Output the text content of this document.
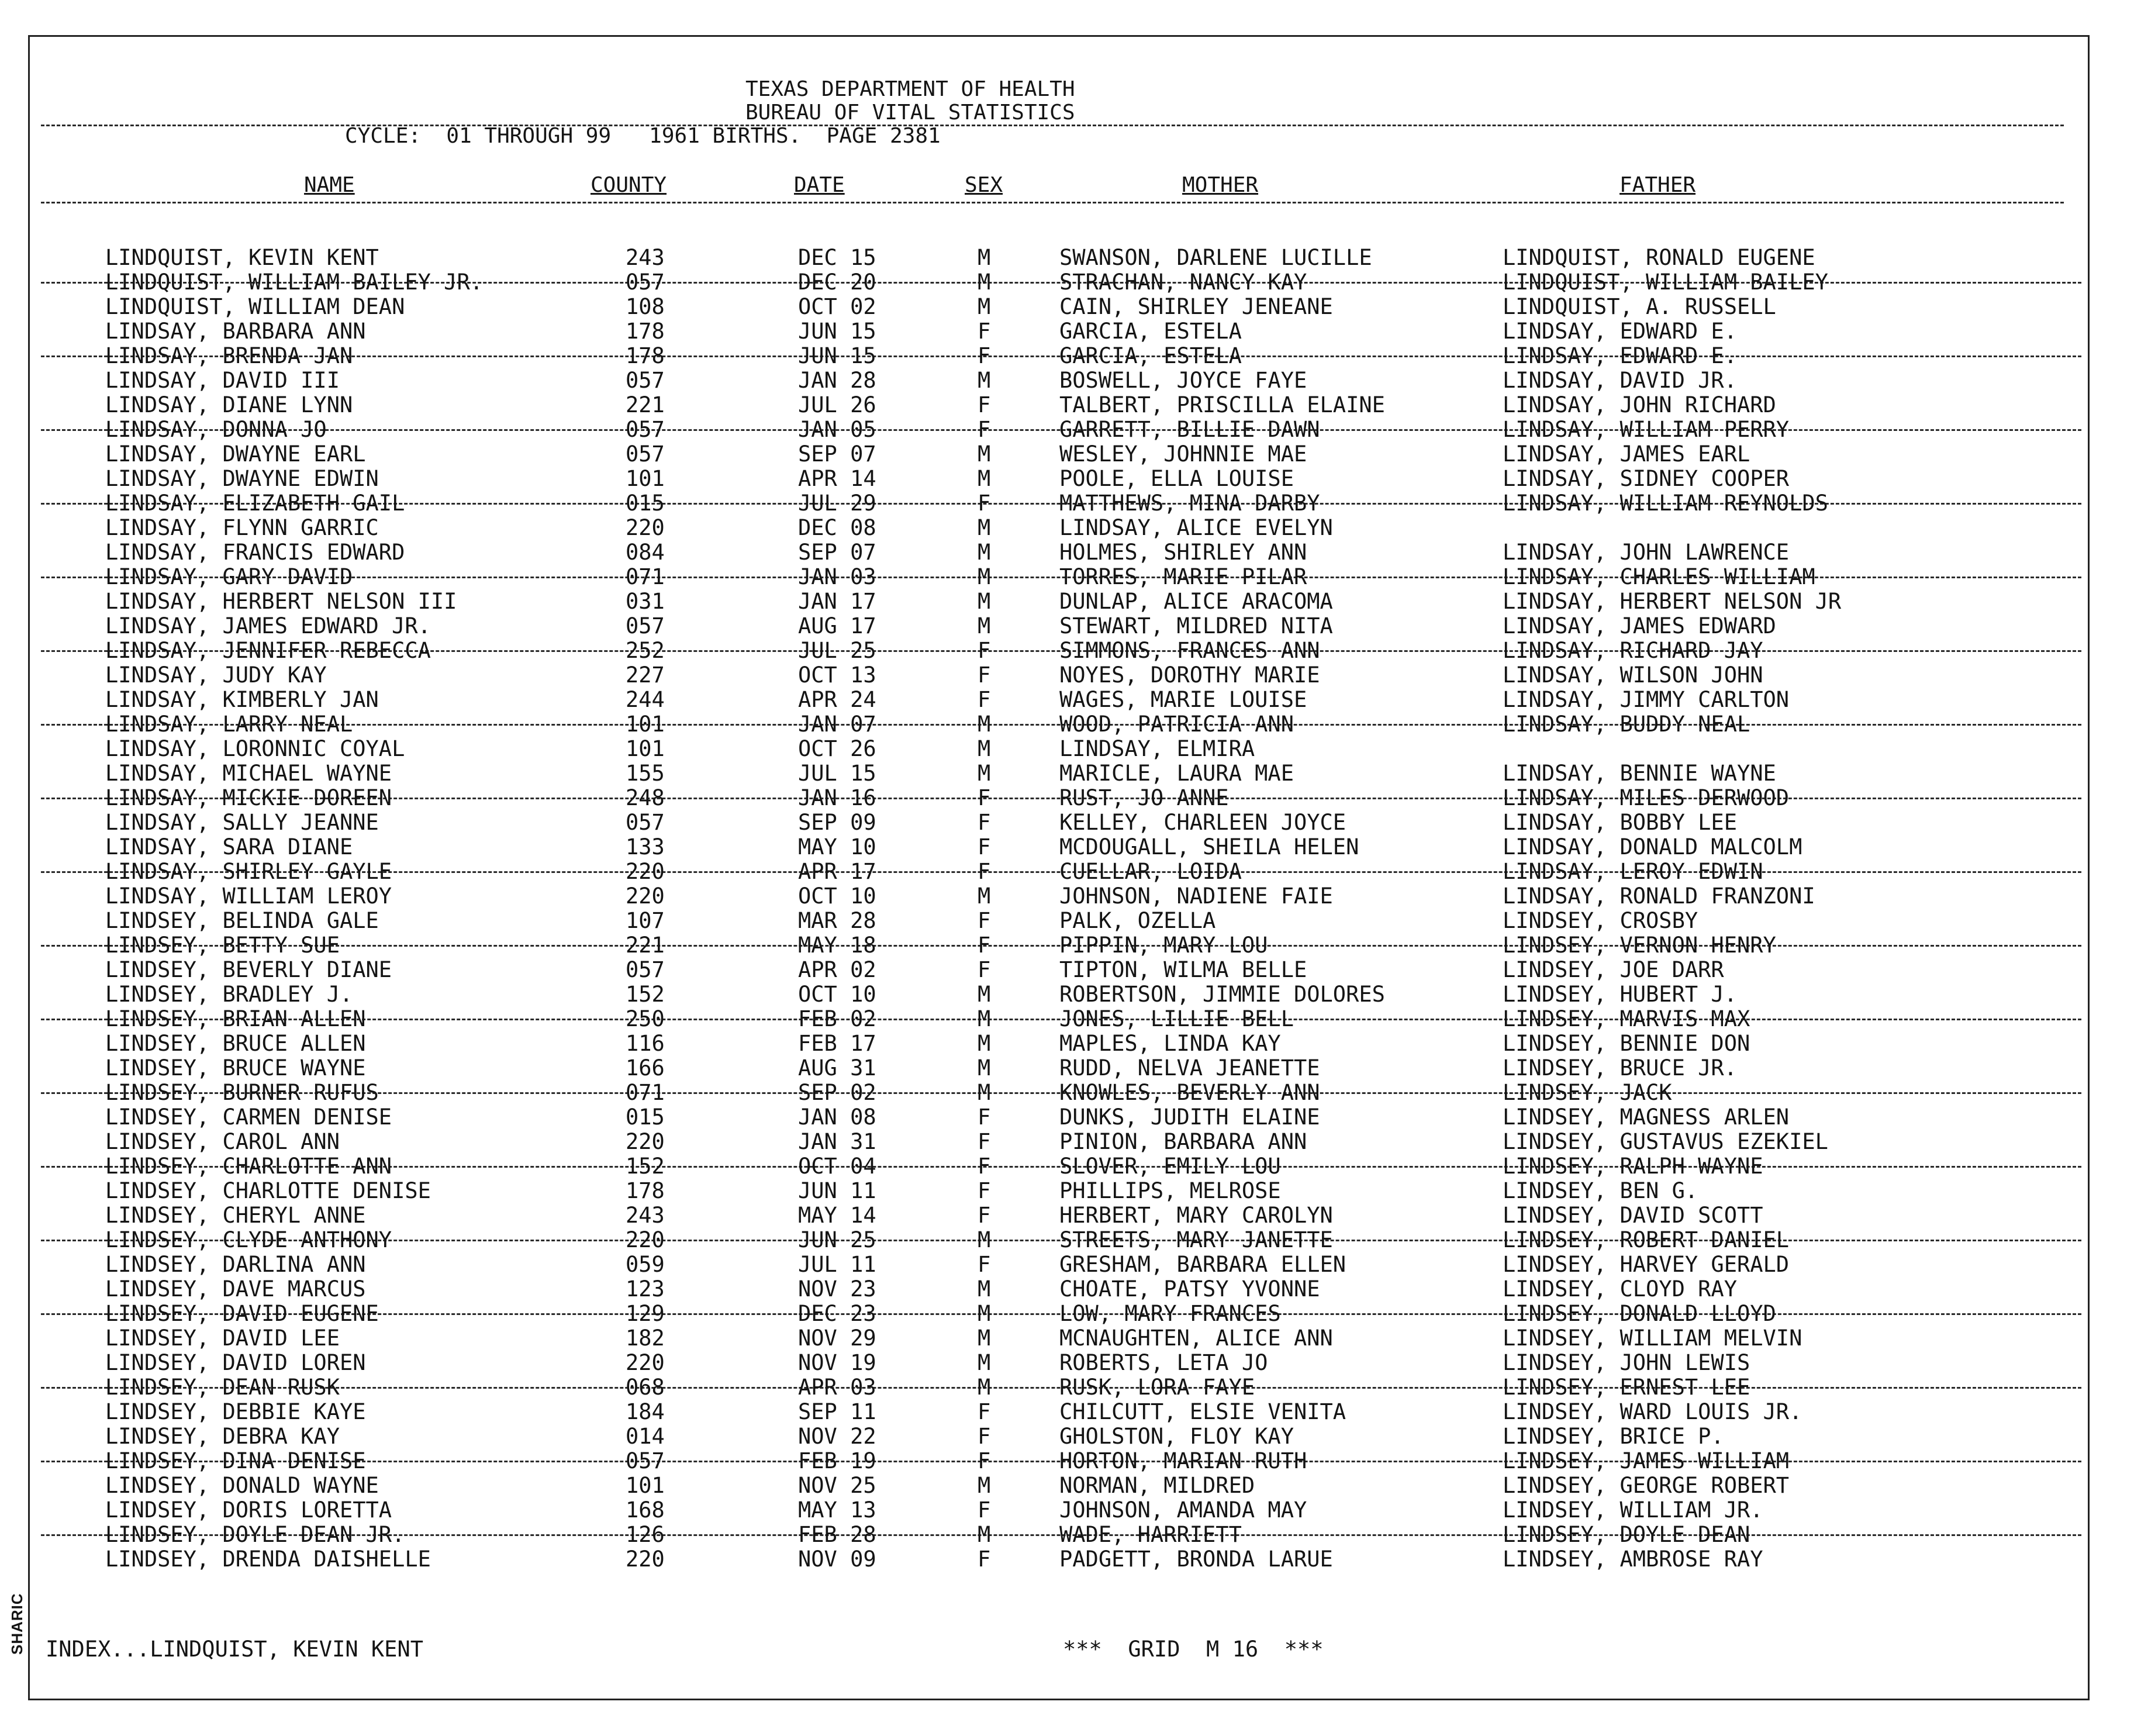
SHARIC
TEXAS DEPARTMENT OF HEALTH
BUREAU OF VITAL STATISTICS
CYCLE:  01 THROUGH 99   1961 BIRTHS.  PAGE 2381
NAME	COUNTY	DATE	SEX	MOTHER	FATHER
LINDQUIST, KEVIN KENT	243	DEC 15	M	SWANSON, DARLENE LUCILLE	LINDQUIST, RONALD EUGENE
LINDQUIST, WILLIAM BAILEY JR.	057	DEC 20	M	STRACHAN, NANCY KAY	LINDQUIST, WILLIAM BAILEY
LINDQUIST, WILLIAM DEAN	108	OCT 02	M	CAIN, SHIRLEY JENEANE	LINDQUIST, A. RUSSELL
LINDSAY, BARBARA ANN	178	JUN 15	F	GARCIA, ESTELA	LINDSAY, EDWARD E.
LINDSAY, BRENDA JAN	178	JUN 15	F	GARCIA, ESTELA	LINDSAY, EDWARD E.
LINDSAY, DAVID III	057	JAN 28	M	BOSWELL, JOYCE FAYE	LINDSAY, DAVID JR.
LINDSAY, DIANE LYNN	221	JUL 26	F	TALBERT, PRISCILLA ELAINE	LINDSAY, JOHN RICHARD
LINDSAY, DONNA JO	057	JAN 05	F	GARRETT, BILLIE DAWN	LINDSAY, WILLIAM PERRY
LINDSAY, DWAYNE EARL	057	SEP 07	M	WESLEY, JOHNNIE MAE	LINDSAY, JAMES EARL
LINDSAY, DWAYNE EDWIN	101	APR 14	M	POOLE, ELLA LOUISE	LINDSAY, SIDNEY COOPER
LINDSAY, ELIZABETH GAIL	015	JUL 29	F	MATTHEWS, MINA DARBY	LINDSAY, WILLIAM REYNOLDS
LINDSAY, FLYNN GARRIC	220	DEC 08	M	LINDSAY, ALICE EVELYN
LINDSAY, FRANCIS EDWARD	084	SEP 07	M	HOLMES, SHIRLEY ANN	LINDSAY, JOHN LAWRENCE
LINDSAY, GARY DAVID	071	JAN 03	M	TORRES, MARIE PILAR	LINDSAY, CHARLES WILLIAM
LINDSAY, HERBERT NELSON III	031	JAN 17	M	DUNLAP, ALICE ARACOMA	LINDSAY, HERBERT NELSON JR
LINDSAY, JAMES EDWARD JR.	057	AUG 17	M	STEWART, MILDRED NITA	LINDSAY, JAMES EDWARD
LINDSAY, JENNIFER REBECCA	252	JUL 25	F	SIMMONS, FRANCES ANN	LINDSAY, RICHARD JAY
LINDSAY, JUDY KAY	227	OCT 13	F	NOYES, DOROTHY MARIE	LINDSAY, WILSON JOHN
LINDSAY, KIMBERLY JAN	244	APR 24	F	WAGES, MARIE LOUISE	LINDSAY, JIMMY CARLTON
LINDSAY, LARRY NEAL	101	JAN 07	M	WOOD, PATRICIA ANN	LINDSAY, BUDDY NEAL
LINDSAY, LORONNIC COYAL	101	OCT 26	M	LINDSAY, ELMIRA
LINDSAY, MICHAEL WAYNE	155	JUL 15	M	MARICLE, LAURA MAE	LINDSAY, BENNIE WAYNE
LINDSAY, MICKIE DOREEN	248	JAN 16	F	RUST, JO ANNE	LINDSAY, MILES DERWOOD
LINDSAY, SALLY JEANNE	057	SEP 09	F	KELLEY, CHARLEEN JOYCE	LINDSAY, BOBBY LEE
LINDSAY, SARA DIANE	133	MAY 10	F	MCDOUGALL, SHEILA HELEN	LINDSAY, DONALD MALCOLM
LINDSAY, SHIRLEY GAYLE	220	APR 17	F	CUELLAR, LOIDA	LINDSAY, LEROY EDWIN
LINDSAY, WILLIAM LEROY	220	OCT 10	M	JOHNSON, NADIENE FAIE	LINDSAY, RONALD FRANZONI
LINDSEY, BELINDA GALE	107	MAR 28	F	PALK, OZELLA	LINDSEY, CROSBY
LINDSEY, BETTY SUE	221	MAY 18	F	PIPPIN, MARY LOU	LINDSEY, VERNON HENRY
LINDSEY, BEVERLY DIANE	057	APR 02	F	TIPTON, WILMA BELLE	LINDSEY, JOE DARR
LINDSEY, BRADLEY J.	152	OCT 10	M	ROBERTSON, JIMMIE DOLORES	LINDSEY, HUBERT J.
LINDSEY, BRIAN ALLEN	250	FEB 02	M	JONES, LILLIE BELL	LINDSEY, MARVIS MAX
LINDSEY, BRUCE ALLEN	116	FEB 17	M	MAPLES, LINDA KAY	LINDSEY, BENNIE DON
LINDSEY, BRUCE WAYNE	166	AUG 31	M	RUDD, NELVA JEANETTE	LINDSEY, BRUCE JR.
LINDSEY, BURNER RUFUS	071	SEP 02	M	KNOWLES, BEVERLY ANN	LINDSEY, JACK
LINDSEY, CARMEN DENISE	015	JAN 08	F	DUNKS, JUDITH ELAINE	LINDSEY, MAGNESS ARLEN
LINDSEY, CAROL ANN	220	JAN 31	F	PINION, BARBARA ANN	LINDSEY, GUSTAVUS EZEKIEL
LINDSEY, CHARLOTTE ANN	152	OCT 04	F	SLOVER, EMILY LOU	LINDSEY, RALPH WAYNE
LINDSEY, CHARLOTTE DENISE	178	JUN 11	F	PHILLIPS, MELROSE	LINDSEY, BEN G.
LINDSEY, CHERYL ANNE	243	MAY 14	F	HERBERT, MARY CAROLYN	LINDSEY, DAVID SCOTT
LINDSEY, CLYDE ANTHONY	220	JUN 25	M	STREETS, MARY JANETTE	LINDSEY, ROBERT DANIEL
LINDSEY, DARLINA ANN	059	JUL 11	F	GRESHAM, BARBARA ELLEN	LINDSEY, HARVEY GERALD
LINDSEY, DAVE MARCUS	123	NOV 23	M	CHOATE, PATSY YVONNE	LINDSEY, CLOYD RAY
LINDSEY, DAVID EUGENE	129	DEC 23	M	LOW, MARY FRANCES	LINDSEY, DONALD LLOYD
LINDSEY, DAVID LEE	182	NOV 29	M	MCNAUGHTEN, ALICE ANN	LINDSEY, WILLIAM MELVIN
LINDSEY, DAVID LOREN	220	NOV 19	M	ROBERTS, LETA JO	LINDSEY, JOHN LEWIS
LINDSEY, DEAN RUSK	068	APR 03	M	RUSK, LORA FAYE	LINDSEY, ERNEST LEE
LINDSEY, DEBBIE KAYE	184	SEP 11	F	CHILCUTT, ELSIE VENITA	LINDSEY, WARD LOUIS JR.
LINDSEY, DEBRA KAY	014	NOV 22	F	GHOLSTON, FLOY KAY	LINDSEY, BRICE P.
LINDSEY, DINA DENISE	057	FEB 19	F	HORTON, MARIAN RUTH	LINDSEY, JAMES WILLIAM
LINDSEY, DONALD WAYNE	101	NOV 25	M	NORMAN, MILDRED	LINDSEY, GEORGE ROBERT
LINDSEY, DORIS LORETTA	168	MAY 13	F	JOHNSON, AMANDA MAY	LINDSEY, WILLIAM JR.
LINDSEY, DOYLE DEAN JR.	126	FEB 28	M	WADE, HARRIETT	LINDSEY, DOYLE DEAN
LINDSEY, DRENDA DAISHELLE	220	NOV 09	F	PADGETT, BRONDA LARUE	LINDSEY, AMBROSE RAY
INDEX...LINDQUIST, KEVIN KENT	***  GRID  M 16  ***
